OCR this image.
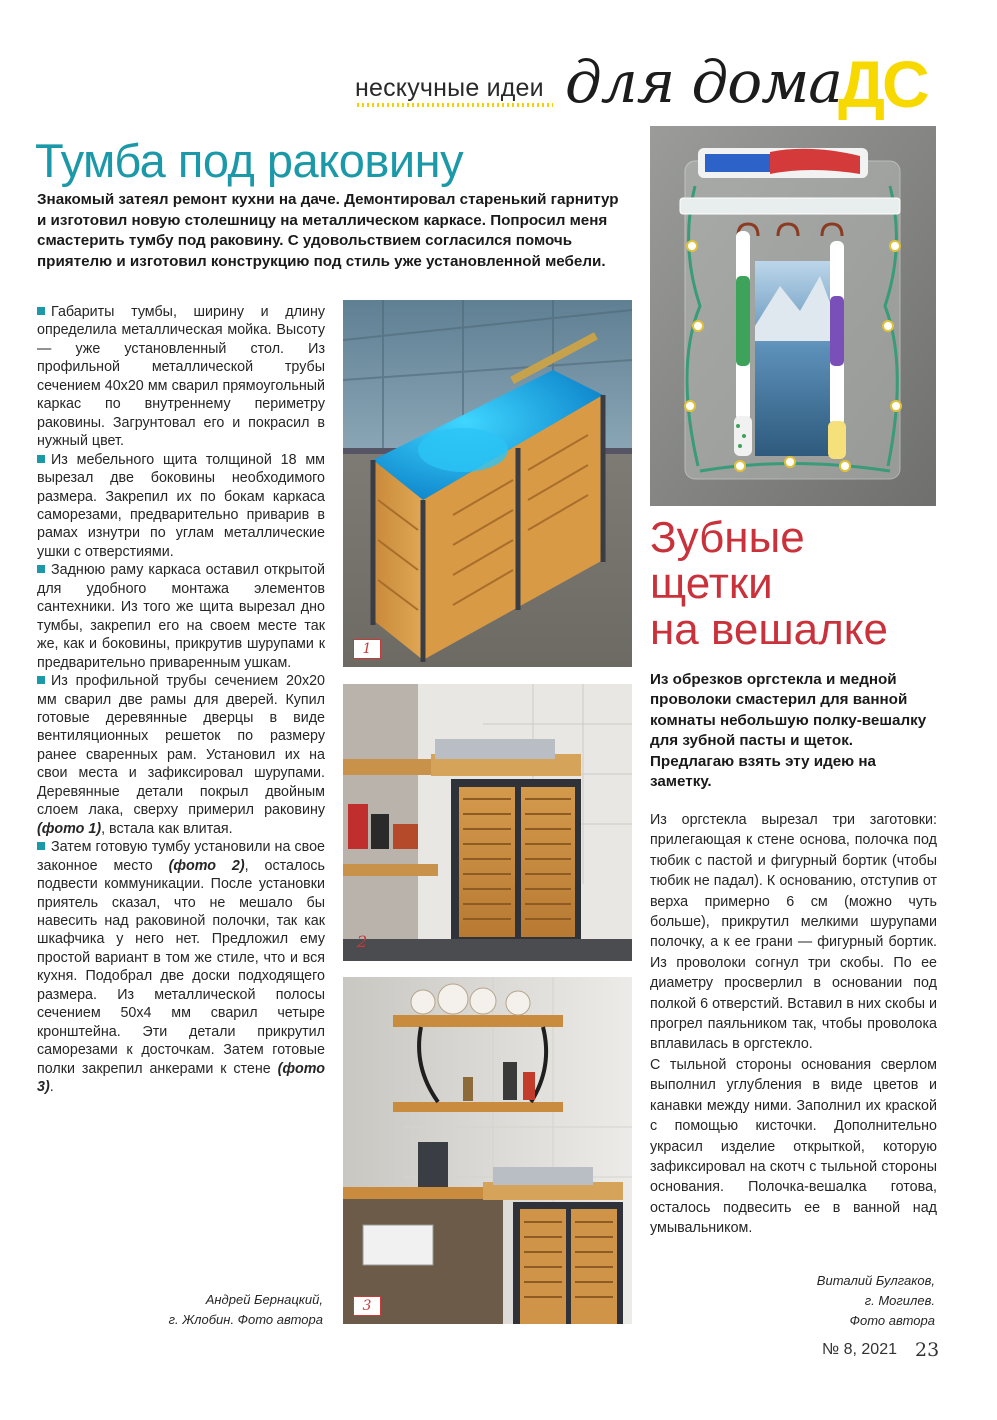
нескучные идеи для дома
ДС
Тумба под раковину
Знакомый затеял ремонт кухни на даче. Демонтировал старенький гарнитур и изготовил новую столешницу на металлическом каркасе. Попросил меня смастерить тумбу под раковину. С удовольствием согласился помочь приятелю и изготовил конструкцию под стиль уже установленной мебели.

Габариты тумбы, ширину и длину определила металлическая мойка. Высоту — уже установленный стол. Из профильной металлической трубы сечением 40х20 мм сварил прямоугольный каркас по внутреннему периметру раковины. Загрунтовал его и покрасил в нужный цвет.

Из мебельного щита толщиной 18 мм вырезал две боковины необходимого размера. Закрепил их по бокам каркаса саморезами, предварительно приварив в рамах изнутри по углам металлические ушки с отверстиями.

Заднюю раму каркаса оставил открытой для удобного монтажа элементов сантехники. Из того же щита вырезал дно тумбы, закрепил его на своем месте так же, как и боковины, прикрутив шурупами к предварительно приваренным ушкам.

Из профильной трубы сечением 20х20 мм сварил две рамы для дверей. Купил готовые деревянные дверцы в виде вентиляционных решеток по размеру ранее сваренных рам. Установил их на свои места и зафиксировал шурупами. Деревянные детали покрыл двойным слоем лака, сверху примерил раковину (фото 1), встала как влитая.

Затем готовую тумбу установили на свое законное место (фото 2), осталось подвести коммуникации. После установки приятель сказал, что не мешало бы навесить над раковиной полочки, так как шкафчика у него нет. Предложил ему простой вариант в том же стиле, что и вся кухня. Подобрал две доски подходящего размера. Из металлической полосы сечением 50х4 мм сварил четыре кронштейна. Эти детали прикрутил саморезами к досточкам. Затем готовые полки закрепил анкерами к стене (фото 3).

Андрей Бернацкий,
г. Жлобин. Фото автора
1
2
3
Зубные
щетки
на вешалке
Из обрезков оргстекла и медной проволоки смастерил для ванной комнаты небольшую полку-вешалку для зубной пасты и щеток. Предлагаю взять эту идею на заметку.

Из оргстекла вырезал три заготовки: прилегающая к стене основа, полочка под тюбик с пастой и фигурный бортик (чтобы тюбик не падал). К основанию, отступив от верха примерно 6 см (можно чуть больше), прикрутил мелкими шурупами полочку, а к ее грани — фигурный бортик. Из проволоки согнул три скобы. По ее диаметру просверлил в основании под полкой 6 отверстий. Вставил в них скобы и прогрел паяльником так, чтобы проволока вплавилась в оргстекло.

С тыльной стороны основания сверлом выполнил углубления в виде цветов и канавки между ними. Заполнил их краской с помощью кисточки. Дополнительно украсил изделие открыткой, которую зафиксировал на скотч с тыльной стороны основания. Полочка-вешалка готова, осталось подвесить ее в ванной над умывальником.

Виталий Булгаков,
г. Могилев.
Фото автора
№ 8, 2021 23
